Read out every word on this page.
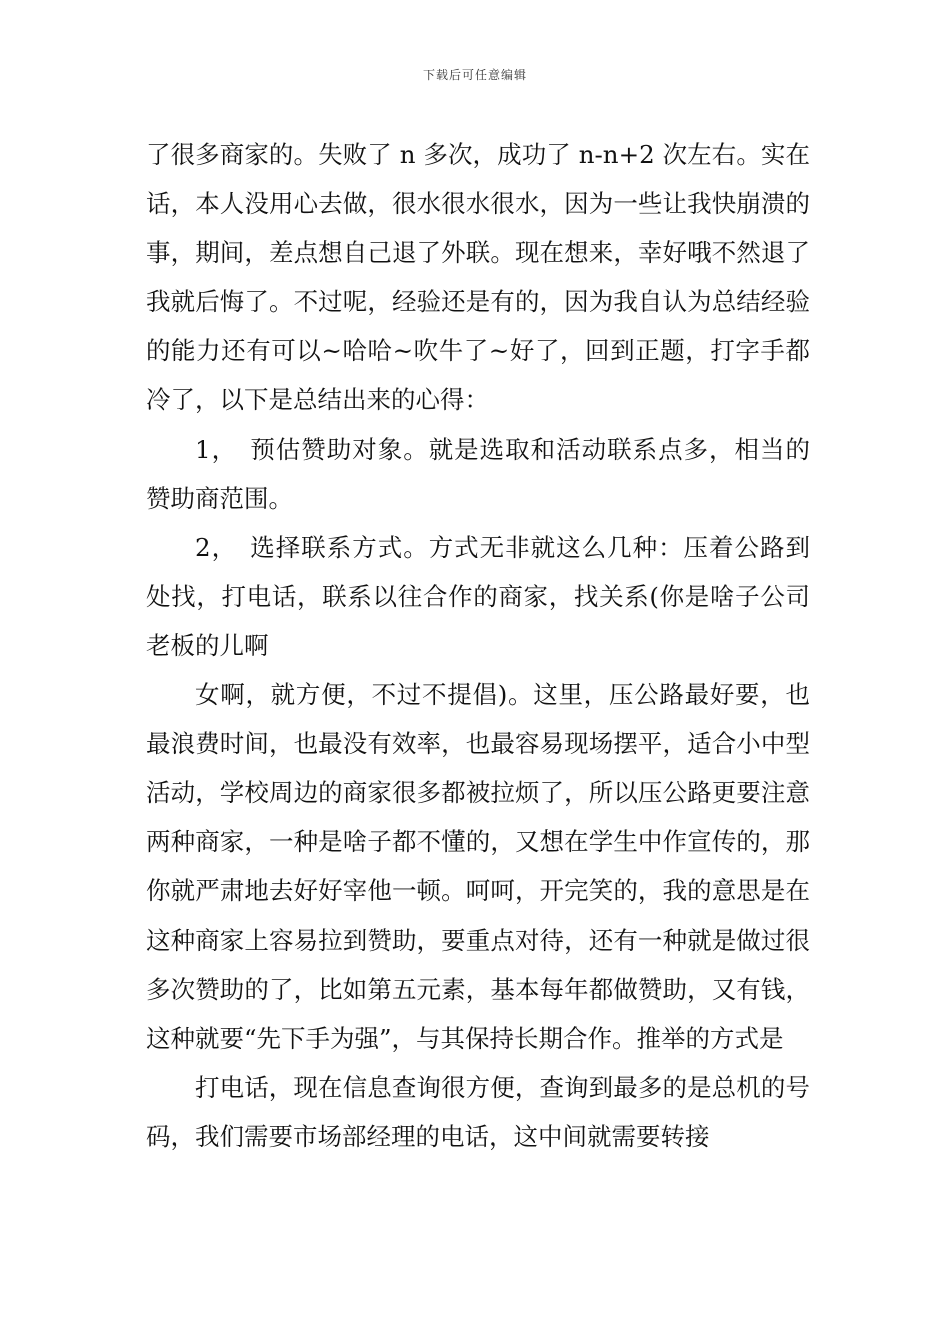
下载后可任意编辑

了很多商家的。失败了 n 多次，成功了 n-n+2 次左右。实在话，本人没用心去做，很水很水很水，因为一些让我快崩溃的事，期间，差点想自己退了外联。现在想来，幸好哦不然退了我就后悔了。不过呢，经验还是有的，因为我自认为总结经验的能力还有可以~哈哈~吹牛了~好了，回到正题，打字手都冷了，以下是总结出来的心得：

1，　预估赞助对象。就是选取和活动联系点多，相当的赞助商范围。

2，　选择联系方式。方式无非就这么几种：压着公路到处找，打电话，联系以往合作的商家，找关系(你是啥子公司老板的儿啊

女啊，就方便，不过不提倡)。这里，压公路最好要，也最浪费时间，也最没有效率，也最容易现场摆平，适合小中型活动，学校周边的商家很多都被拉烦了，所以压公路更要注意两种商家，一种是啥子都不懂的，又想在学生中作宣传的，那你就严肃地去好好宰他一顿。呵呵，开完笑的，我的意思是在这种商家上容易拉到赞助，要重点对待，还有一种就是做过很多次赞助的了，比如第五元素，基本每年都做赞助，又有钱，这种就要“先下手为强”，与其保持长期合作。推举的方式是

打电话，现在信息查询很方便，查询到最多的是总机的号码，我们需要市场部经理的电话，这中间就需要转接
